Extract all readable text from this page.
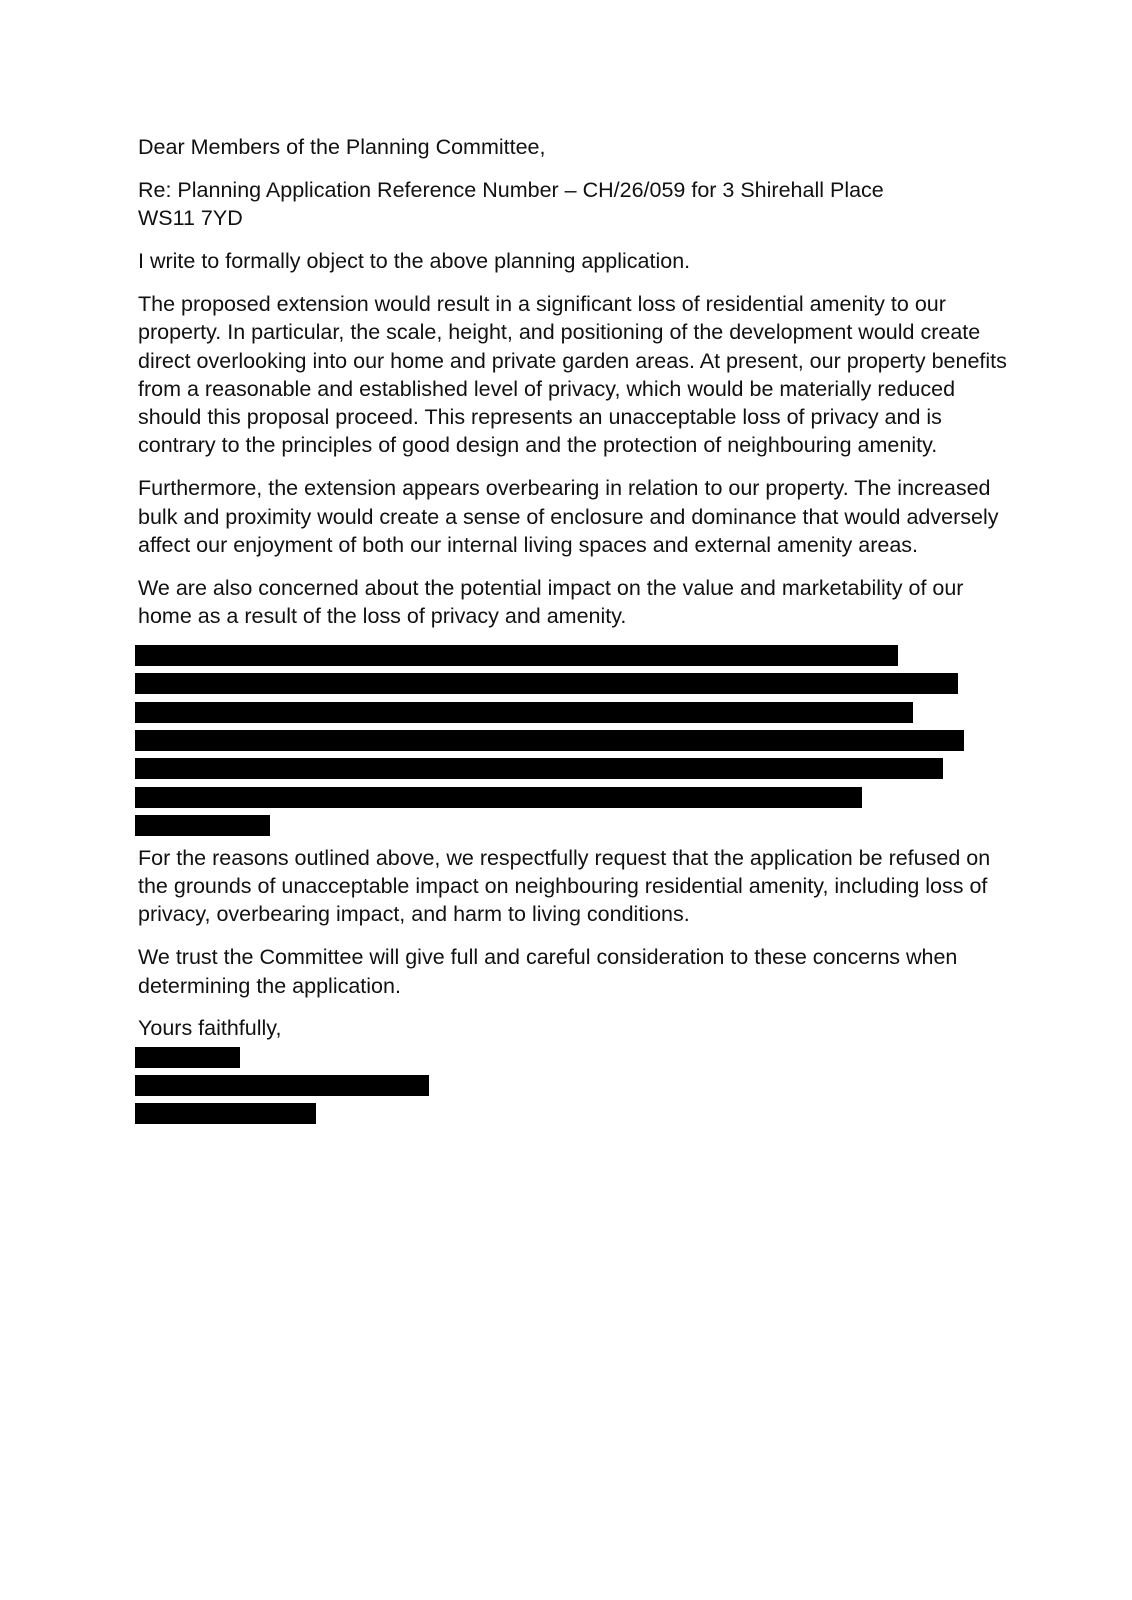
Dear Members of the Planning Committee,

Re: Planning Application Reference Number – CH/26/059 for 3 Shirehall Place
WS11 7YD

I write to formally object to the above planning application.

The proposed extension would result in a significant loss of residential amenity to our property. In particular, the scale, height, and positioning of the development would create direct overlooking into our home and private garden areas. At present, our property benefits from a reasonable and established level of privacy, which would be materially reduced should this proposal proceed. This represents an unacceptable loss of privacy and is contrary to the principles of good design and the protection of neighbouring amenity.

Furthermore, the extension appears overbearing in relation to our property. The increased bulk and proximity would create a sense of enclosure and dominance that would adversely affect our enjoyment of both our internal living spaces and external amenity areas.

We are also concerned about the potential impact on the value and marketability of our home as a result of the loss of privacy and amenity.

For the reasons outlined above, we respectfully request that the application be refused on the grounds of unacceptable impact on neighbouring residential amenity, including loss of privacy, overbearing impact, and harm to living conditions.

We trust the Committee will give full and careful consideration to these concerns when determining the application.

Yours faithfully,
